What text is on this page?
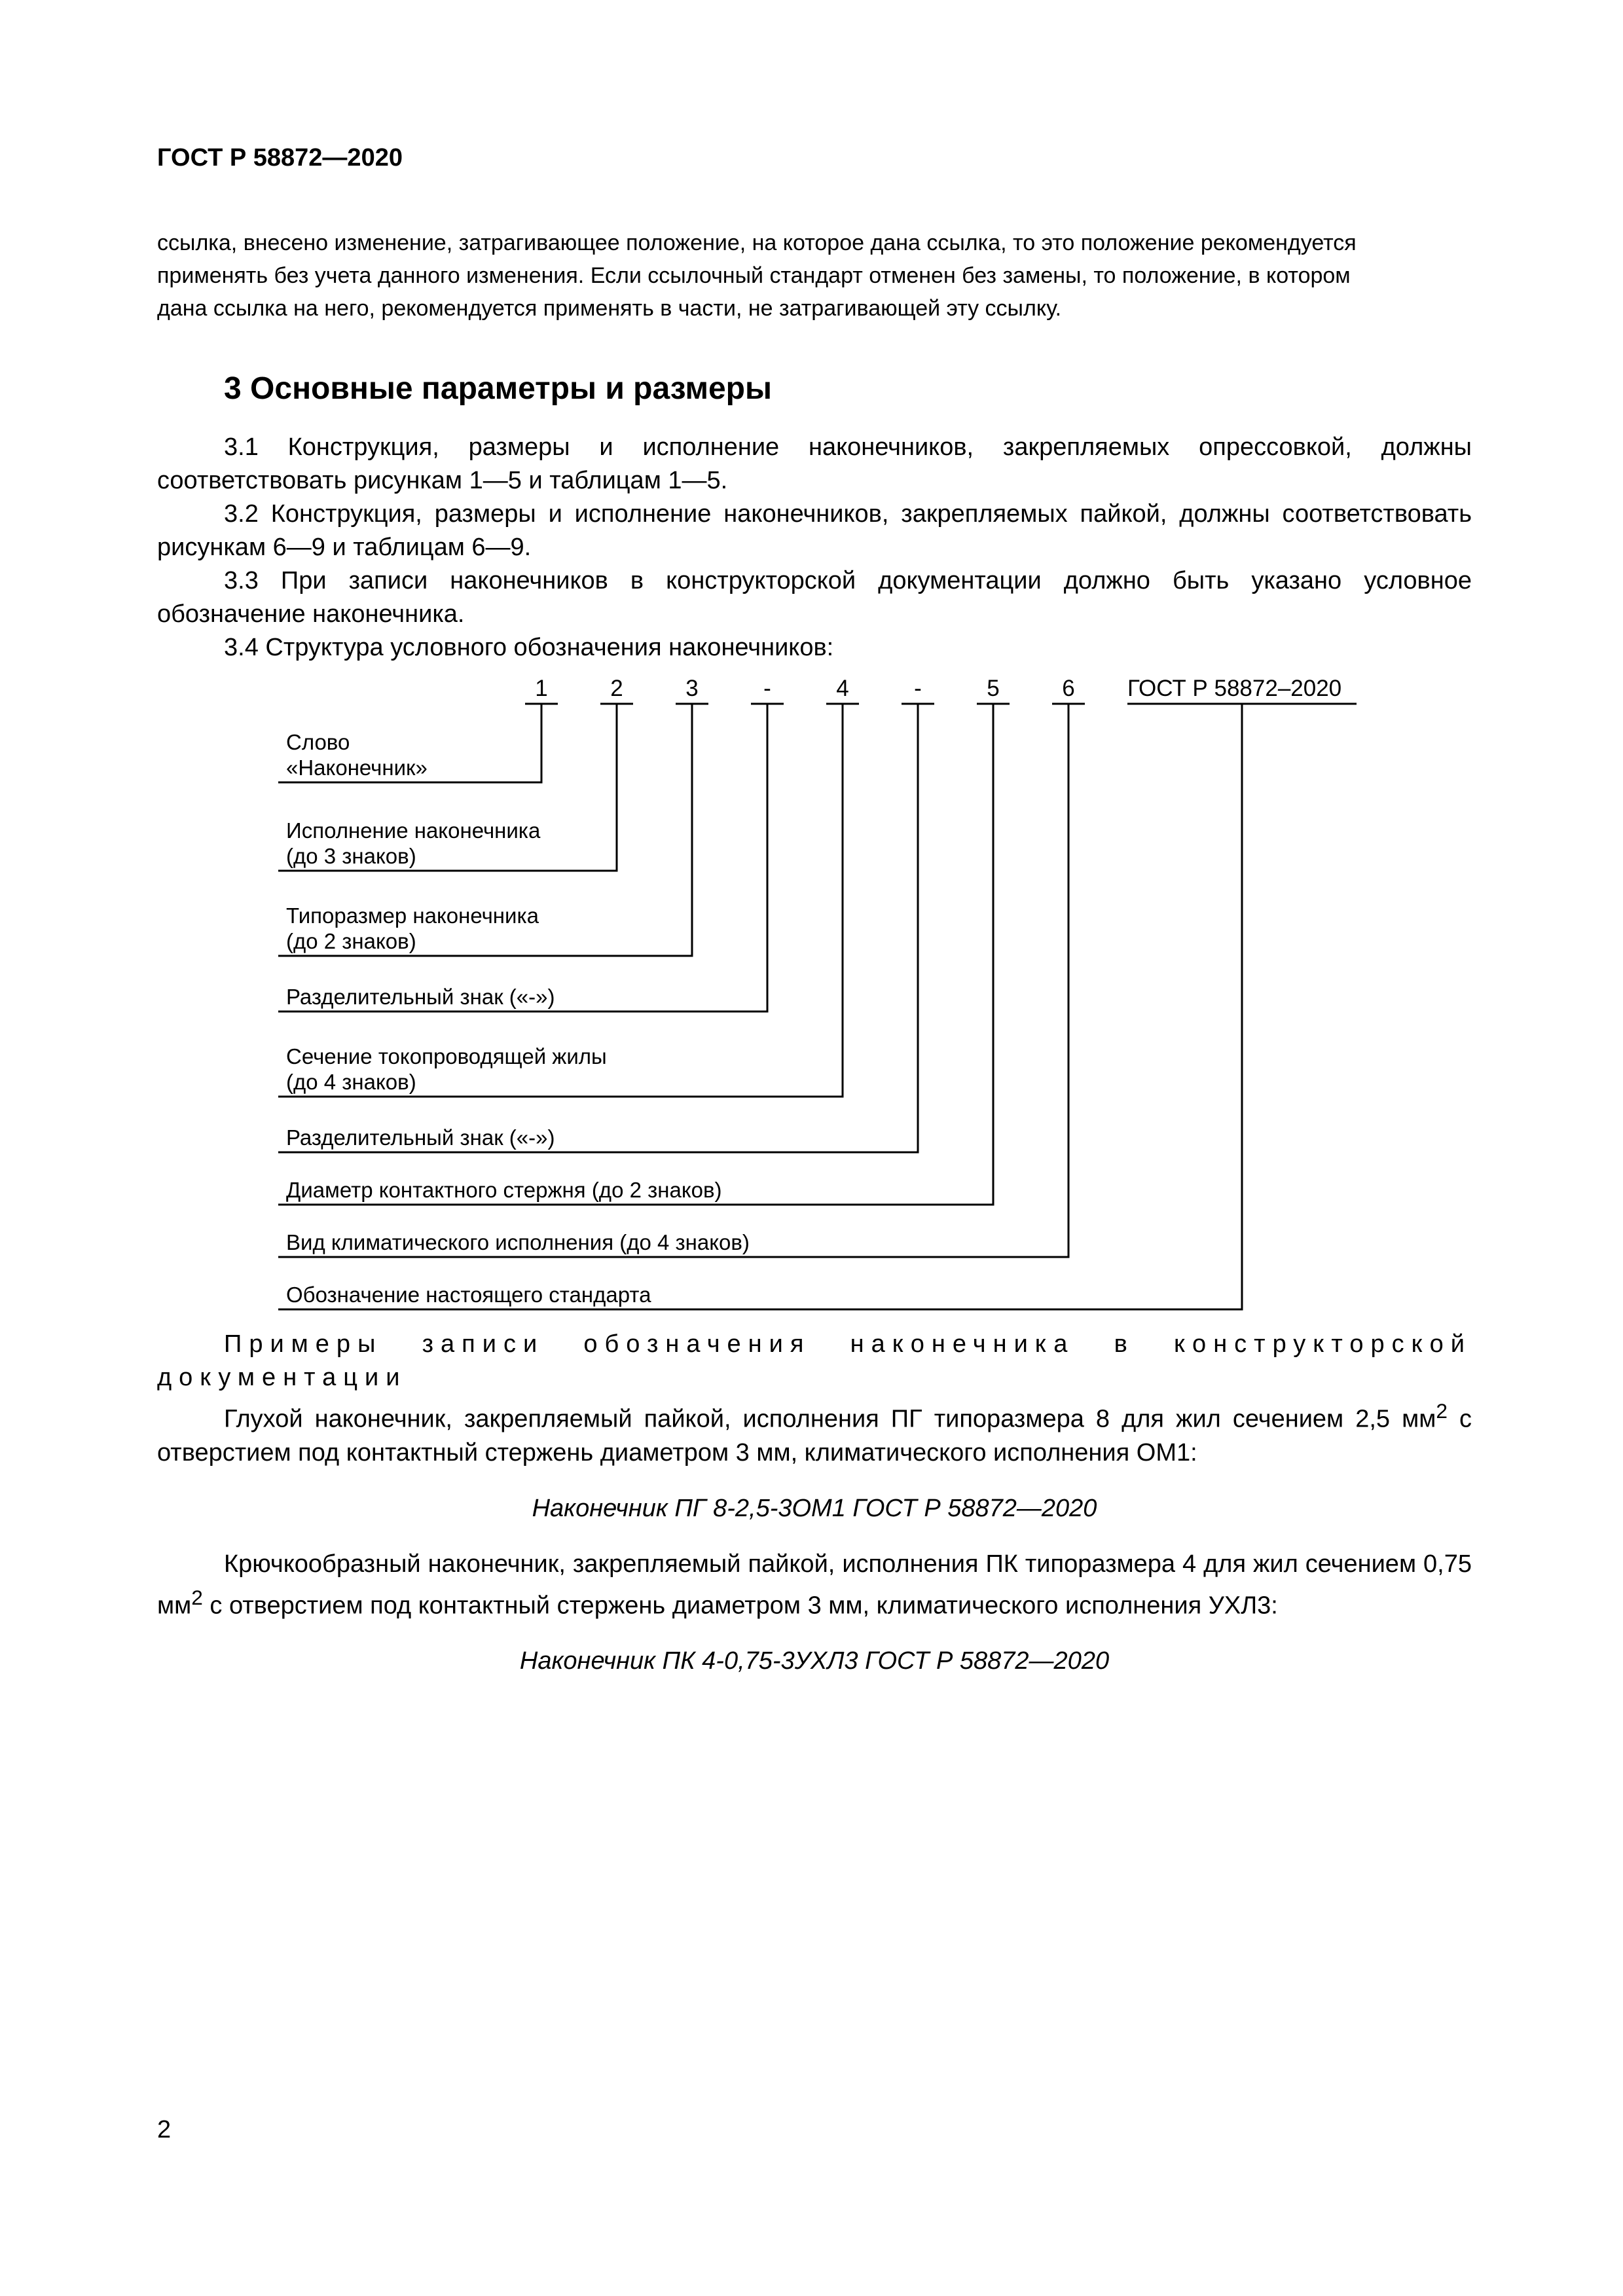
ГОСТ Р 58872—2020

ссылка, внесено изменение, затрагивающее положение, на которое дана ссылка, то это положение рекомендуется

применять без учета данного изменения. Если ссылочный стандарт отменен без замены, то положение, в котором

дана ссылка на него, рекомендуется применять в части, не затрагивающей эту ссылку.

3 Основные параметры и размеры

3.1 Конструкция, размеры и исполнение наконечников, закрепляемых опрессовкой, должны соответствовать рисункам 1—5 и таблицам 1—5.

3.2 Конструкция, размеры и исполнение наконечников, закрепляемых пайкой, должны соответствовать рисункам 6—9 и таблицам 6—9.

3.3 При записи наконечников в конструкторской документации должно быть указано условное обозначение наконечника.

3.4 Структура условного обозначения наконечников:

1	2	3	-	4	-	5	6 ГОСТ Р 58872–2020
Слово
«Наконечник»
Исполнение наконечника
(до 3 знаков)
Типоразмер наконечника
(до 2 знаков)
Разделительный знак («-»)
Сечение токопроводящей жилы
(до 4 знаков)
Разделительный знак («-»)
Диаметр контактного стержня (до 2 знаков)
Вид климатического исполнения (до 4 знаков)
Обозначение настоящего стандарта

Примеры записи обозначения наконечника в конструкторской документации

Глухой наконечник, закрепляемый пайкой, исполнения ПГ типоразмера 8 для жил сечением 2,5 $мм^2$ с отверстием под контактный стержень диаметром 3 мм, климатического исполнения ОМ1:

Наконечник ПГ 8-2,5-3ОМ1 ГОСТ Р 58872—2020

Крючкообразный наконечник, закрепляемый пайкой, исполнения ПК типоразмера 4 для жил сечением 0,75 $мм^2$ с отверстием под контактный стержень диаметром 3 мм, климатического исполнения УХЛ3:

Наконечник ПК 4-0,75-3УХЛ3 ГОСТ Р 58872—2020

2
